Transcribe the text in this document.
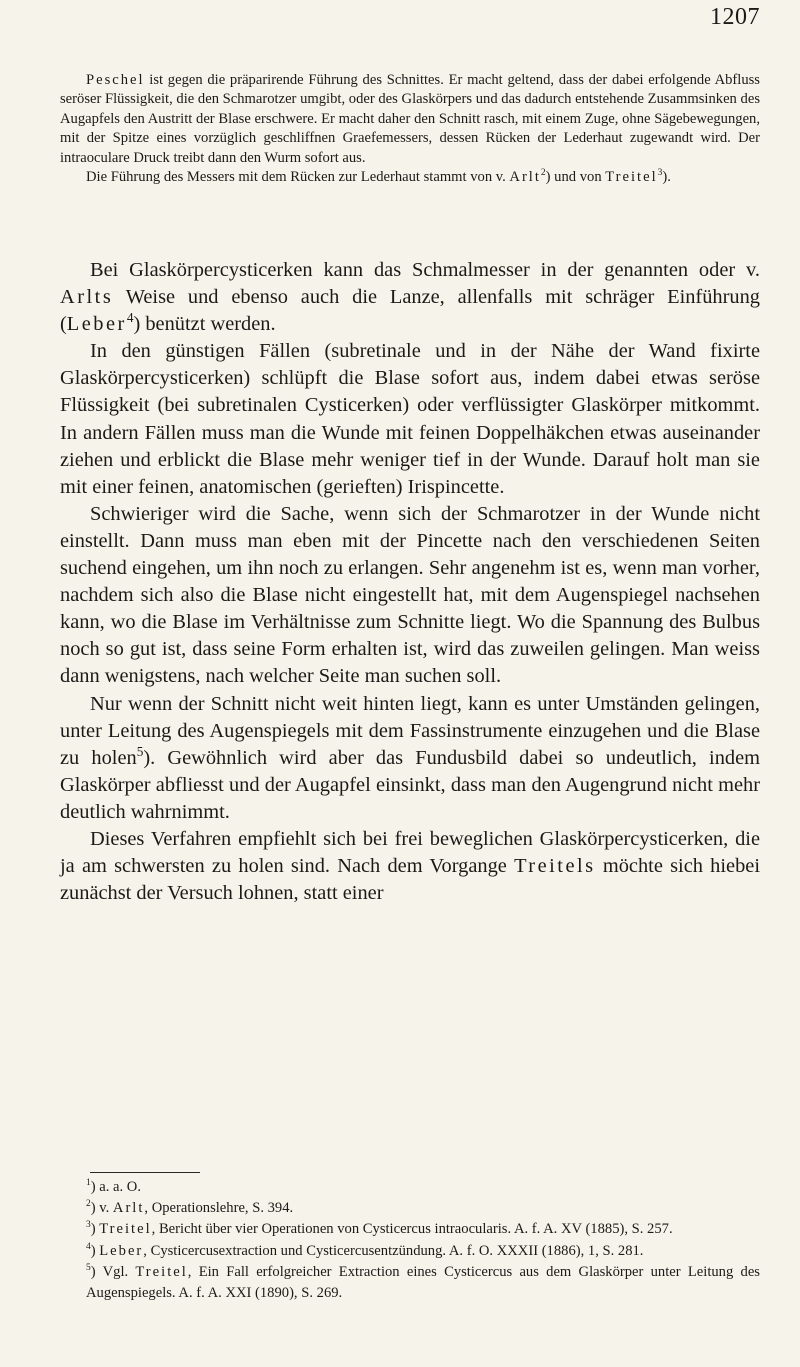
1207

Peschel ist gegen die präparirende Führung des Schnittes. Er macht geltend, dass der dabei erfolgende Abfluss seröser Flüssigkeit, die den Schmarotzer umgibt, oder des Glaskörpers und das dadurch entstehende Zusammsinken des Augapfels den Austritt der Blase erschwere. Er macht daher den Schnitt rasch, mit einem Zuge, ohne Sägebewegungen, mit der Spitze eines vorzüglich geschliffnen Graefemessers, dessen Rücken der Lederhaut zugewandt wird. Der intraoculare Druck treibt dann den Wurm sofort aus.

Die Führung des Messers mit dem Rücken zur Lederhaut stammt von v. Arlt$^2$) und von Treitel$^3$).

Bei Glaskörpercysticerken kann das Schmalmesser in der genannten oder v. Arlts Weise und ebenso auch die Lanze, allenfalls mit schräger Einführung (Leber$^4$) benützt werden.

In den günstigen Fällen (subretinale und in der Nähe der Wand fixirte Glaskörpercysticerken) schlüpft die Blase sofort aus, indem dabei etwas seröse Flüssigkeit (bei subretinalen Cysticerken) oder verflüssigter Glaskörper mitkommt. In andern Fällen muss man die Wunde mit feinen Doppelhäkchen etwas auseinander ziehen und erblickt die Blase mehr weniger tief in der Wunde. Darauf holt man sie mit einer feinen, anatomischen (gerieften) Irispincette.

Schwieriger wird die Sache, wenn sich der Schmarotzer in der Wunde nicht einstellt. Dann muss man eben mit der Pincette nach den verschiedenen Seiten suchend eingehen, um ihn noch zu erlangen. Sehr angenehm ist es, wenn man vorher, nachdem sich also die Blase nicht eingestellt hat, mit dem Augenspiegel nachsehen kann, wo die Blase im Verhältnisse zum Schnitte liegt. Wo die Spannung des Bulbus noch so gut ist, dass seine Form erhalten ist, wird das zuweilen gelingen. Man weiss dann wenigstens, nach welcher Seite man suchen soll.

Nur wenn der Schnitt nicht weit hinten liegt, kann es unter Umständen gelingen, unter Leitung des Augenspiegels mit dem Fassinstrumente einzugehen und die Blase zu holen$^5$). Gewöhnlich wird aber das Fundusbild dabei so undeutlich, indem Glaskörper abfliesst und der Augapfel einsinkt, dass man den Augengrund nicht mehr deutlich wahrnimmt.

Dieses Verfahren empfiehlt sich bei frei beweglichen Glaskörpercysticerken, die ja am schwersten zu holen sind. Nach dem Vorgange Treitels möchte sich hiebei zunächst der Versuch lohnen, statt einer

$^1$) a. a. O.

$^2$) v. Arlt, Operationslehre, S. 394.

$^3$) Treitel, Bericht über vier Operationen von Cysticercus intraocularis. A. f. A. XV (1885), S. 257.

$^4$) Leber, Cysticercusextraction und Cysticercusentzündung. A. f. O. XXXII (1886), 1, S. 281.

$^5$) Vgl. Treitel, Ein Fall erfolgreicher Extraction eines Cysticercus aus dem Glaskörper unter Leitung des Augenspiegels. A. f. A. XXI (1890), S. 269.
